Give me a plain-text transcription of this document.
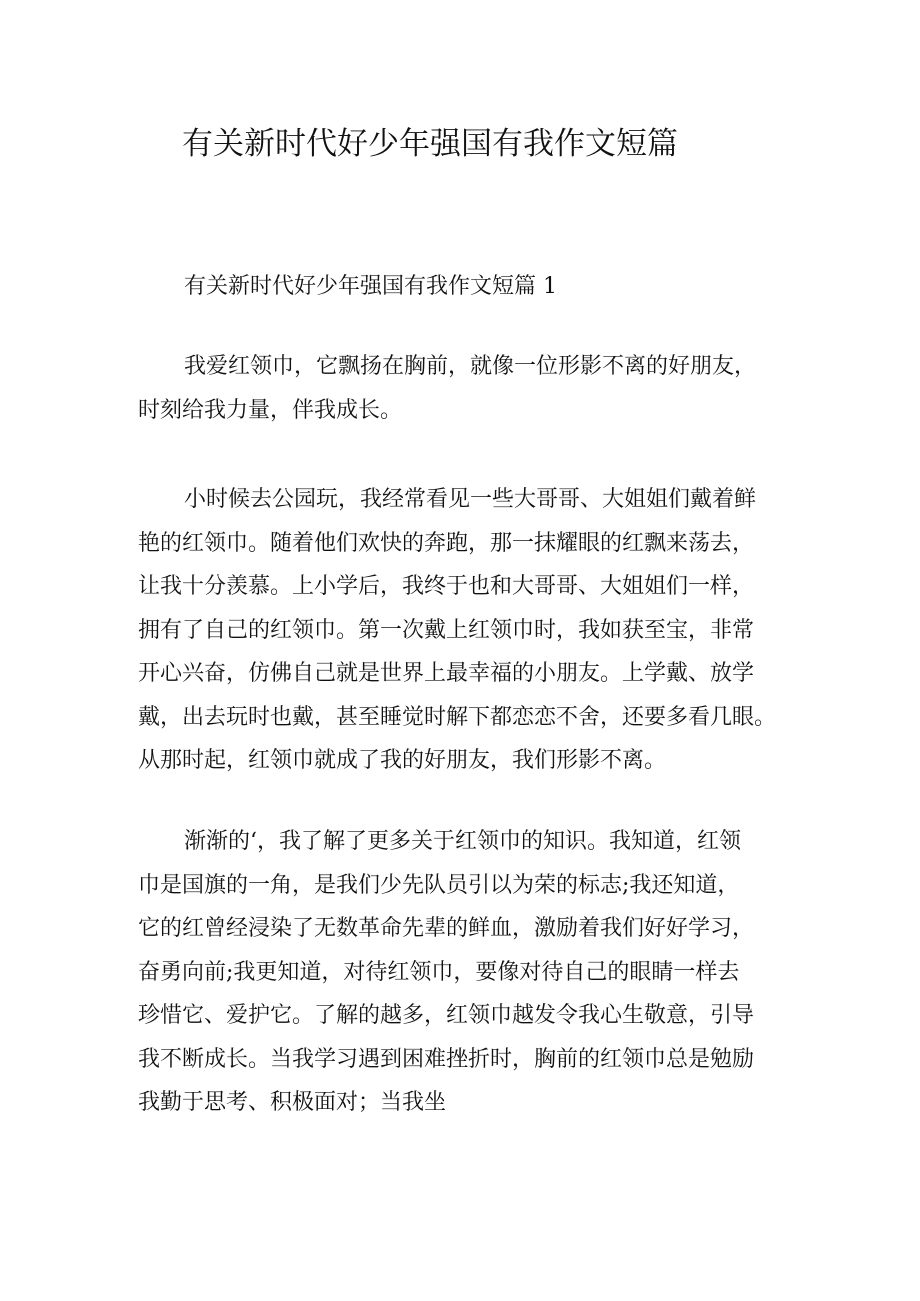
有关新时代好少年强国有我作文短篇

有关新时代好少年强国有我作文短篇 1

我爱红领巾，它飘扬在胸前，就像一位形影不离的好朋友，
时刻给我力量，伴我成长。
小时候去公园玩，我经常看见一些大哥哥、大姐姐们戴着鲜
艳的红领巾。随着他们欢快的奔跑，那一抹耀眼的红飘来荡去，
让我十分羡慕。上小学后，我终于也和大哥哥、大姐姐们一样，
拥有了自己的红领巾。第一次戴上红领巾时，我如获至宝，非常
开心兴奋，仿佛自己就是世界上最幸福的小朋友。上学戴、放学
戴，出去玩时也戴，甚至睡觉时解下都恋恋不舍，还要多看几眼。
从那时起，红领巾就成了我的好朋友，我们形影不离。
渐渐的‘，我了解了更多关于红领巾的知识。我知道，红领
巾是国旗的一角，是我们少先队员引以为荣的标志;我还知道，
它的红曾经浸染了无数革命先辈的鲜血，激励着我们好好学习，
奋勇向前;我更知道，对待红领巾，要像对待自己的眼睛一样去
珍惜它、爱护它。了解的越多，红领巾越发令我心生敬意，引导
我不断成长。当我学习遇到困难挫折时，胸前的红领巾总是勉励
我勤于思考、积极面对；当我坐
